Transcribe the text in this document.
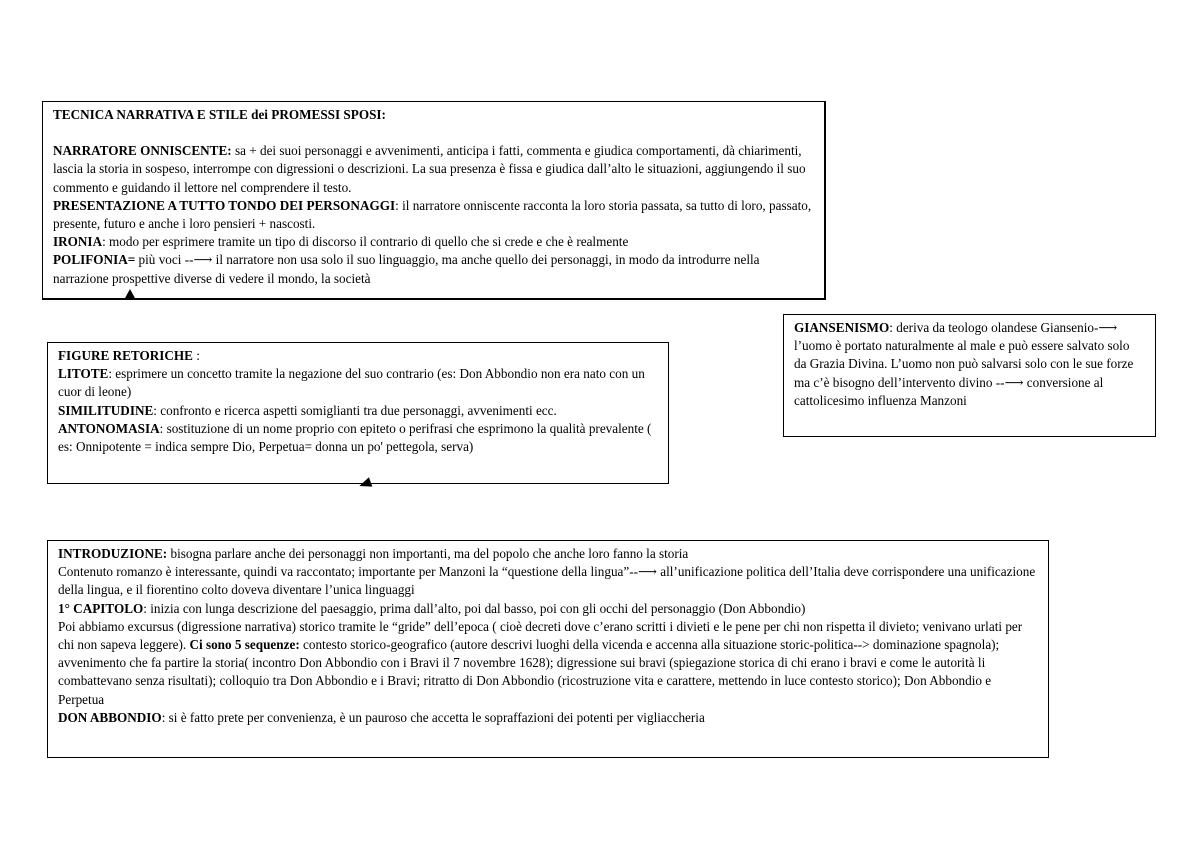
TECNICA NARRATIVA E STILE dei PROMESSI SPOSI:

NARRATORE ONNISCENTE: sa + dei suoi personaggi e avvenimenti, anticipa i fatti, commenta e giudica comportamenti, dà chiarimenti, lascia la storia in sospeso, interrompe con digressioni o descrizioni. La sua presenza è fissa e giudica dall’alto le situazioni, aggiungendo il suo commento e guidando il lettore nel comprendere il testo.

PRESENTAZIONE A TUTTO TONDO DEI PERSONAGGI: il narratore onniscente racconta la loro storia passata, sa tutto di loro, passato, presente, futuro e anche i loro pensieri + nascosti.

IRONIA: modo per esprimere tramite un tipo di discorso il contrario di quello che si crede e che è realmente

POLIFONIA= più voci --⟶ il narratore non usa solo il suo linguaggio, ma anche quello dei personaggi, in modo da introdurre nella narrazione prospettive diverse di vedere il mondo, la società

GIANSENISMO: deriva da teologo olandese Giansenio-⟶ l’uomo è portato naturalmente al male e può essere salvato solo da Grazia Divina. L’uomo non può salvarsi solo con le sue forze ma c’è bisogno dell’intervento divino --⟶ conversione al cattolicesimo influenza Manzoni

FIGURE RETORICHE :

LITOTE: esprimere un concetto tramite la negazione del suo contrario (es: Don Abbondio non era nato con un cuor di leone)

SIMILITUDINE: confronto e ricerca aspetti somiglianti tra due personaggi, avvenimenti ecc.

ANTONOMASIA: sostituzione di un nome proprio con epiteto o perifrasi che esprimono la qualità prevalente ( es: Onnipotente = indica sempre Dio, Perpetua= donna un po' pettegola, serva)

INTRODUZIONE: bisogna parlare anche dei personaggi non importanti, ma del popolo che anche loro fanno la storia

Contenuto romanzo è interessante, quindi va raccontato; importante per Manzoni la “questione della lingua”--⟶ all’unificazione politica dell’Italia deve corrispondere una unificazione della lingua, e il fiorentino colto doveva diventare l’unica linguaggi

1° CAPITOLO: inizia con lunga descrizione del paesaggio, prima dall’alto, poi dal basso, poi con gli occhi del personaggio (Don Abbondio)

Poi abbiamo excursus (digressione narrativa) storico tramite le “gride” dell’epoca ( cioè decreti dove c’erano scritti i divieti e le pene per chi non rispetta il divieto; venivano urlati per chi non sapeva leggere). Ci sono 5 sequenze: contesto storico-geografico (autore descrivi luoghi della vicenda e accenna alla situazione storic-politica--> dominazione spagnola); avvenimento che fa partire la storia( incontro Don Abbondio con i Bravi il 7 novembre 1628); digressione sui bravi (spiegazione storica di chi erano i bravi e come le autorità li combattevano senza risultati); colloquio tra Don Abbondio e i Bravi; ritratto di Don Abbondio (ricostruzione vita e carattere, mettendo in luce contesto storico); Don Abbondio e Perpetua

DON ABBONDIO: si è fatto prete per convenienza, è un pauroso che accetta le sopraffazioni dei potenti per vigliaccheria
